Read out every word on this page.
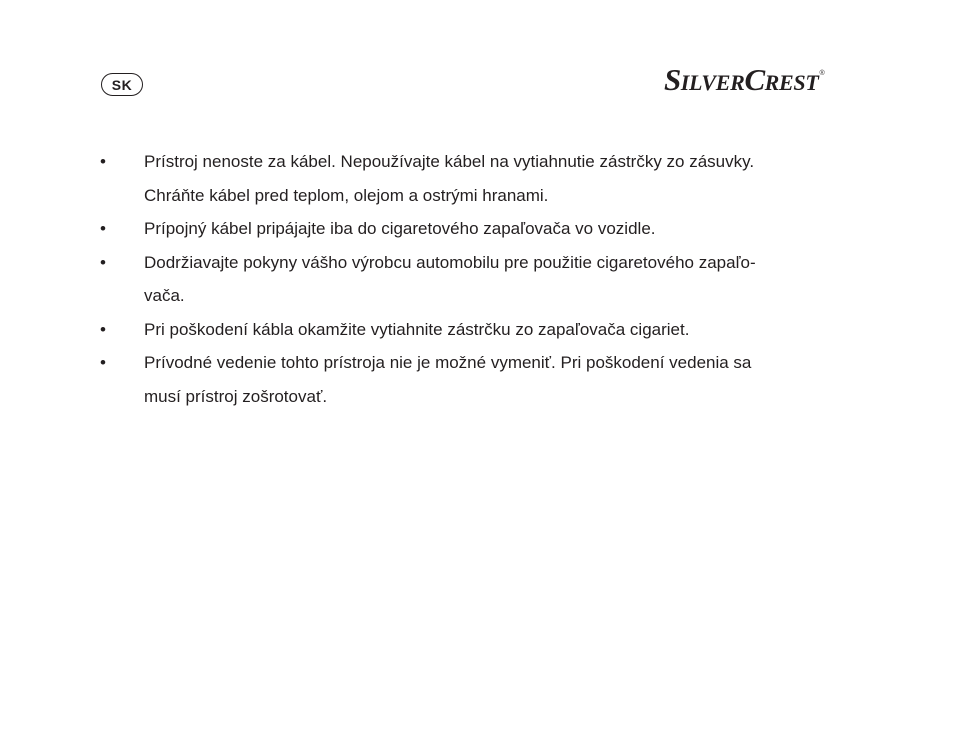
SK	S ILVER C REST ®
•	Prístroj nenoste za kábel. Nepoužívajte kábel na vytiahnutie zástrčky zo zásuvky.
Chráňte kábel pred teplom, olejom a ostrými hranami.
•	Prípojný kábel pripájajte iba do cigaretového zapaľovača vo vozidle.
•	Dodržiavajte pokyny vášho výrobcu automobilu pre použitie cigaretového zapaľo-
vača.
•	Pri poškodení kábla okamžite vytiahnite zástrčku zo zapaľovača cigariet.
•	Prívodné vedenie tohto prístroja nie je možné vymeniť. Pri poškodení vedenia sa
musí prístroj zošrotovať.
